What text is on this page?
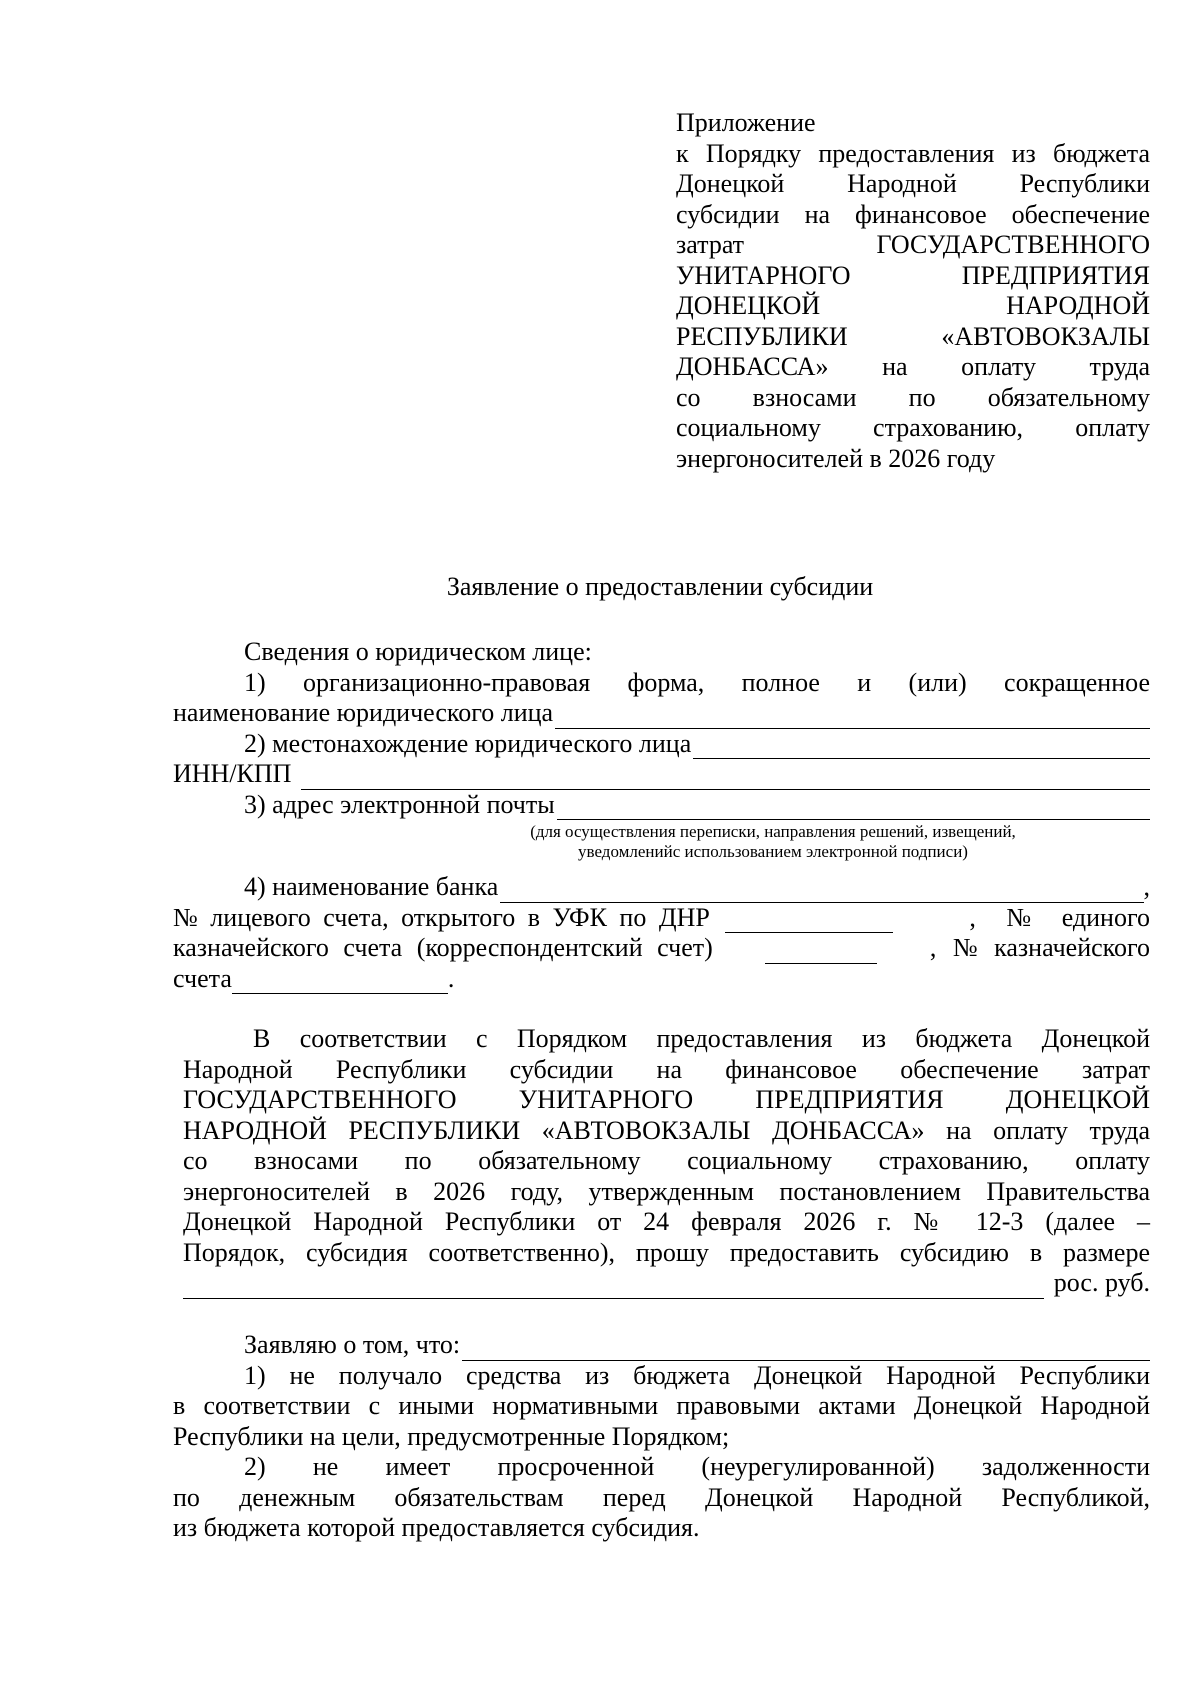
Приложение

к Порядку предоставления из бюджета
Донецкой Народной Республики
субсидии на финансовое обеспечение
затрат ГОСУДАРСТВЕННОГО
УНИТАРНОГО ПРЕДПРИЯТИЯ
ДОНЕЦКОЙ НАРОДНОЙ
РЕСПУБЛИКИ «АВТОВОКЗАЛЫ
ДОНБАССА» на оплату труда
со взносами по обязательному
социальному страхованию, оплату

энергоносителей в 2026 году

Заявление о предоставлении субсидии
Сведения о юридическом лице:
1) организационно-правовая форма, полное и (или) сокращенное
наименование юридического лица
2) местонахождение юридического лица
ИНН/КПП
3) адрес электронной почты
(для осуществления переписки, направления решений, извещений,
уведомленийс использованием электронной подписи)
4) наименование банка	,
№ лицевого счета, открытого в УФК по ДНР	, № единого
казначейского счета (корреспондентский счет)	, № казначейского
счета	.
В соответствии с Порядком предоставления из бюджета Донецкой
Народной Республики субсидии на финансовое обеспечение затрат
ГОСУДАРСТВЕННОГО УНИТАРНОГО ПРЕДПРИЯТИЯ ДОНЕЦКОЙ
НАРОДНОЙ РЕСПУБЛИКИ «АВТОВОКЗАЛЫ ДОНБАССА» на оплату труда
со взносами по обязательному социальному страхованию, оплату
энергоносителей в 2026 году, утвержденным постановлением Правительства
Донецкой Народной Республики от 24 февраля 2026 г. № 12-3 (далее –
Порядок, субсидия соответственно), прошу предоставить субсидию в размере
рос. руб.
Заявляю о том, что:
1) не получало средства из бюджета Донецкой Народной Республики
в соответствии с иными нормативными правовыми актами Донецкой Народной

Республики на цели, предусмотренные Порядком;

2) не имеет просроченной (неурегулированной) задолженности
по денежным обязательствам перед Донецкой Народной Республикой,

из бюджета которой предоставляется субсидия.
